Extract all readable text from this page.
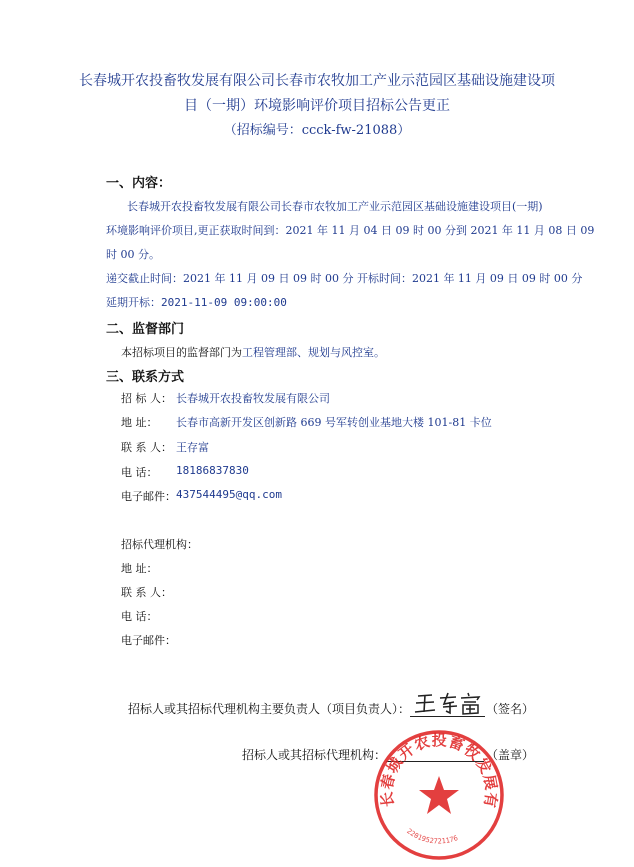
长春城开农投畜牧发展有限公司长春市农牧加工产业示范园区基础设施建设项
目（一期）环境影响评价项目招标公告更正
（招标编号：ccck-fw-21088）
一、内容：
长春城开农投畜牧发展有限公司长春市农牧加工产业示范园区基础设施建设项目(一期)
环境影响评价项目,更正获取时间到：2021 年 11 月 04 日 09 时 00 分到 2021 年 11 月 08 日 09
时 00 分。
递交截止时间：2021 年 11 月 09 日 09 时 00 分 开标时间：2021 年 11 月 09 日 09 时 00 分
延期开标：2021-11-09 09:00:00
二、监督部门
本招标项目的监督部门为工程管理部、规划与风控室。
三、联系方式
招 标 人： 长春城开农投畜牧发展有限公司
地 址： 长春市高新开发区创新路 669 号军转创业基地大楼 101-81 卡位
联 系 人： 王存富
电 话： 18186837830
电子邮件： 437544495@qq.com
招标代理机构：
地 址：
联 系 人：
电 话：
电子邮件：
招标人或其招标代理机构主要负责人（项目负责人）：	（签名）
招标人或其招标代理机构：	（盖章）
长春城开农投畜牧发展有
2201952721176
